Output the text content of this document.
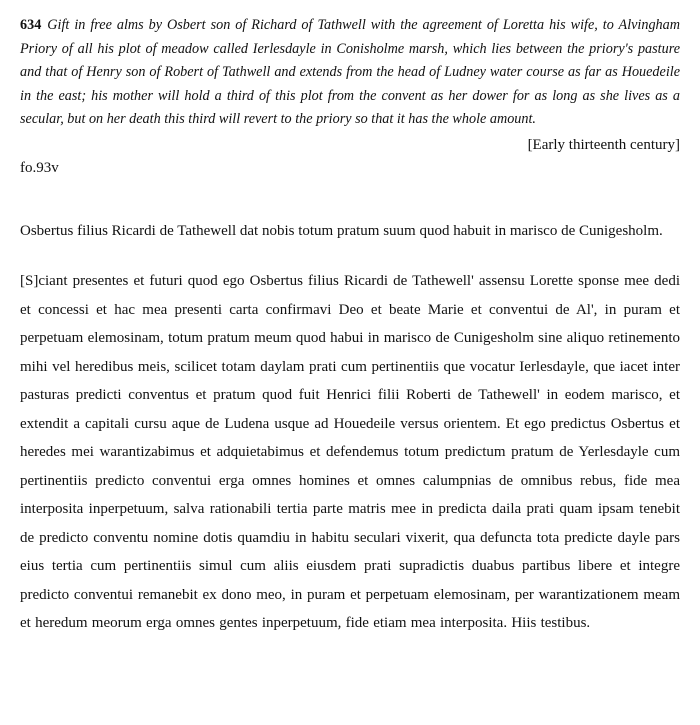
634 Gift in free alms by Osbert son of Richard of Tathwell with the agreement of Loretta his wife, to Alvingham Priory of all his plot of meadow called Ierlesdayle in Conisholme marsh, which lies between the priory's pasture and that of Henry son of Robert of Tathwell and extends from the head of Ludney water course as far as Houedeile in the east; his mother will hold a third of this plot from the convent as her dower for as long as she lives as a secular, but on her death this third will revert to the priory so that it has the whole amount.

[Early thirteenth century]
fo.93v

Osbertus filius Ricardi de Tathewell dat nobis totum pratum suum quod habuit in marisco de Cunigesholm.

[S]ciant presentes et futuri quod ego Osbertus filius Ricardi de Tathewell' assensu Lorette sponse mee dedi et concessi et hac mea presenti carta confirmavi Deo et beate Marie et conventui de Al', in puram et perpetuam elemosinam, totum pratum meum quod habui in marisco de Cunigesholm sine aliquo retinemento mihi vel heredibus meis, scilicet totam daylam prati cum pertinentiis que vocatur Ierlesdayle, que iacet inter pasturas predicti conventus et pratum quod fuit Henrici filii Roberti de Tathewell' in eodem marisco, et extendit a capitali cursu aque de Ludena usque ad Houedeile versus orientem. Et ego predictus Osbertus et heredes mei warantizabimus et adquietabimus et defendemus totum predictum pratum de Yerlesdayle cum pertinentiis predicto conventui erga omnes homines et omnes calumpnias de omnibus rebus, fide mea interposita inperpetuum, salva rationabili tertia parte matris mee in predicta daila prati quam ipsam tenebit de predicto conventu nomine dotis quamdiu in habitu seculari vixerit, qua defuncta tota predicte dayle pars eius tertia cum pertinentiis simul cum aliis eiusdem prati supradictis duabus partibus libere et integre predicto conventui remanebit ex dono meo, in puram et perpetuam elemosinam, per warantizationem meam et heredum meorum erga omnes gentes inperpetuum, fide etiam mea interposita. Hiis testibus.
